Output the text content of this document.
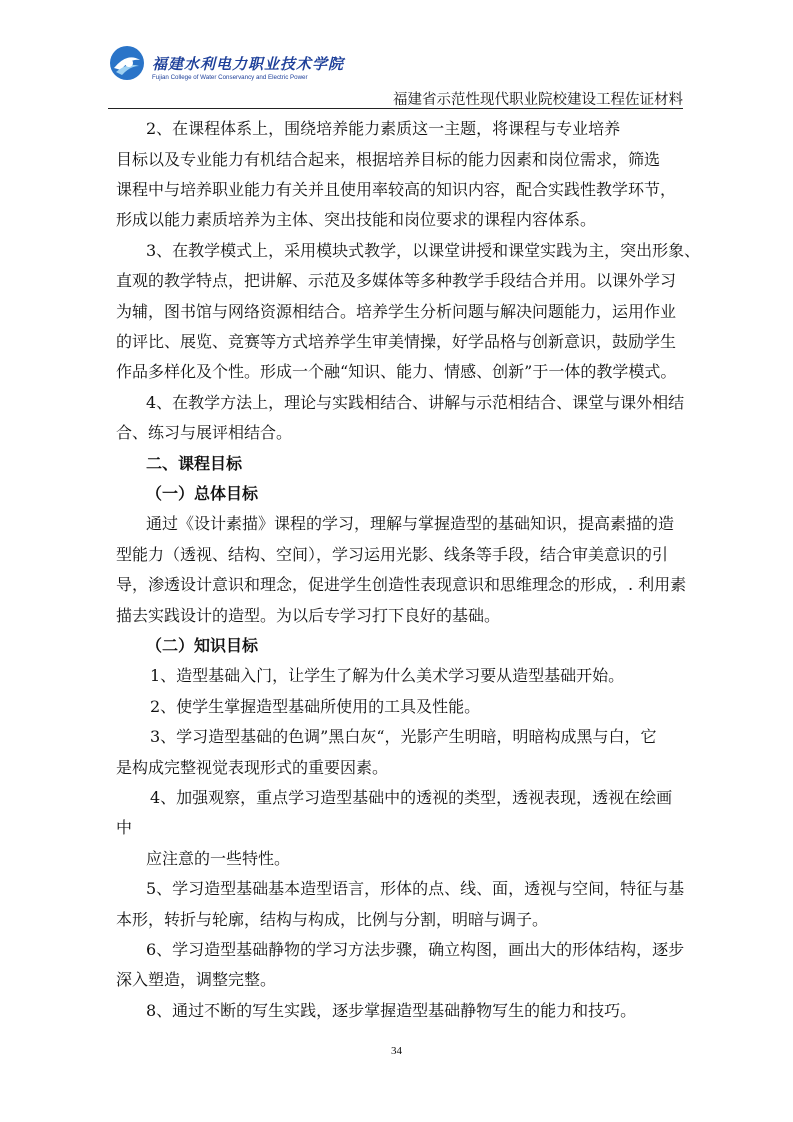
福建水利电力职业技术学院
Fujian College of Water Conservancy and Electric Power
福建省示范性现代职业院校建设工程佐证材料
2、在课程体系上，围绕培养能力素质这一主题，将课程与专业培养
目标以及专业能力有机结合起来，根据培养目标的能力因素和岗位需求，筛选
课程中与培养职业能力有关并且使用率较高的知识内容，配合实践性教学环节，
形成以能力素质培养为主体、突出技能和岗位要求的课程内容体系。
3、在教学模式上，采用模块式教学，以课堂讲授和课堂实践为主，突出形象、
直观的教学特点，把讲解、示范及多媒体等多种教学手段结合并用。以课外学习
为辅，图书馆与网络资源相结合。培养学生分析问题与解决问题能力，运用作业
的评比、展览、竞赛等方式培养学生审美情操，好学品格与创新意识，鼓励学生
作品多样化及个性。形成一个融“知识、能力、情感、创新”于一体的教学模式。
4、在教学方法上，理论与实践相结合、讲解与示范相结合、课堂与课外相结
合、练习与展评相结合。
二、课程目标
（一）总体目标
通过《设计素描》课程的学习，理解与掌握造型的基础知识，提高素描的造
型能力（透视、结构、空间），学习运用光影、线条等手段，结合审美意识的引
导，渗透设计意识和理念，促进学生创造性表现意识和思维理念的形成，. 利用素
描去实践设计的造型。为以后专学习打下良好的基础。
（二）知识目标
1、造型基础入门，让学生了解为什么美术学习要从造型基础开始。
2、使学生掌握造型基础所使用的工具及性能。
3、学习造型基础的色调”黑白灰“，光影产生明暗，明暗构成黑与白，它
是构成完整视觉表现形式的重要因素。
4、加强观察，重点学习造型基础中的透视的类型，透视表现，透视在绘画
中
应注意的一些特性。
5、学习造型基础基本造型语言，形体的点、线、面，透视与空间，特征与基
本形，转折与轮廓，结构与构成，比例与分割，明暗与调子。
6、学习造型基础静物的学习方法步骤，确立构图，画出大的形体结构，逐步
深入塑造，调整完整。
8、通过不断的写生实践，逐步掌握造型基础静物写生的能力和技巧。
34
